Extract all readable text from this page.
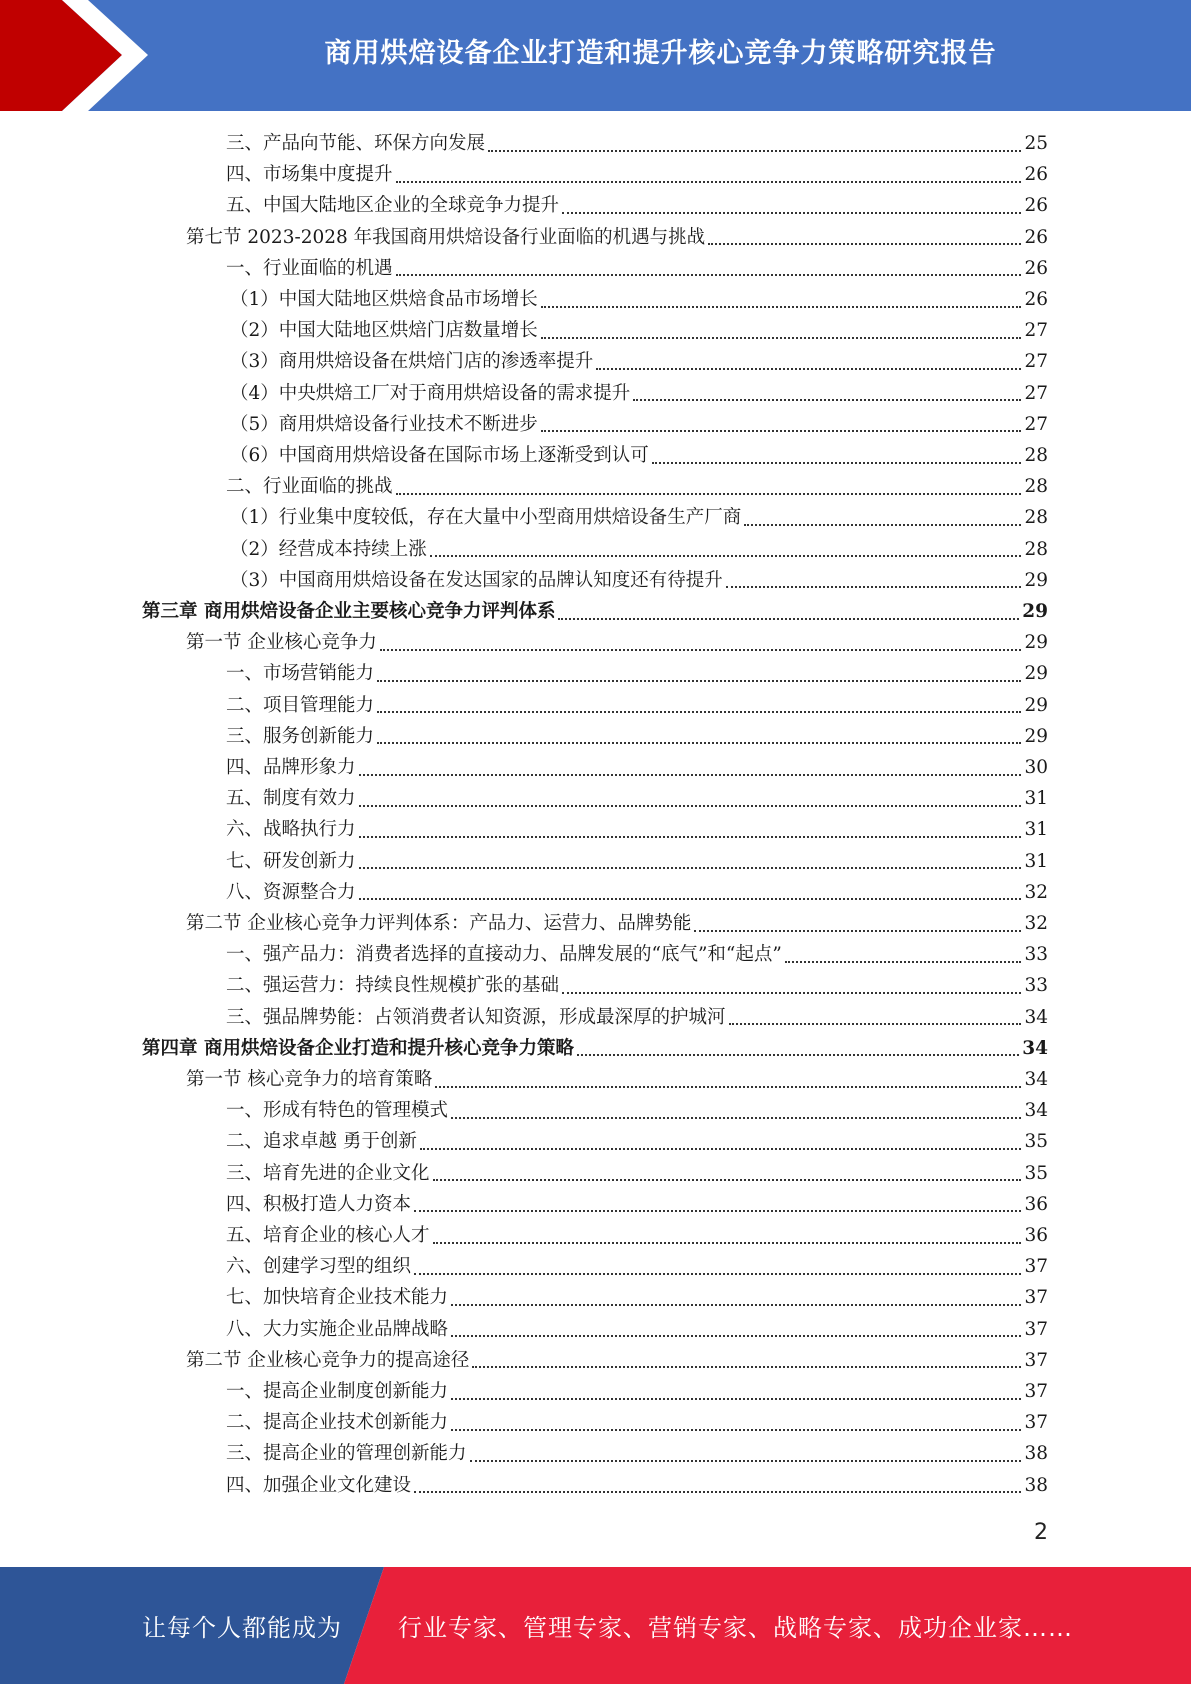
商用烘焙设备企业打造和提升核心竞争力策略研究报告
三、产品向节能、环保方向发展	25
四、市场集中度提升	26
五、中国大陆地区企业的全球竞争力提升	26
第七节 2023-2028 年我国商用烘焙设备行业面临的机遇与挑战	26
一、行业面临的机遇	26
（1）中国大陆地区烘焙食品市场增长	26
（2）中国大陆地区烘焙门店数量增长	27
（3）商用烘焙设备在烘焙门店的渗透率提升	27
（4）中央烘焙工厂对于商用烘焙设备的需求提升	27
（5）商用烘焙设备行业技术不断进步	27
（6）中国商用烘焙设备在国际市场上逐渐受到认可	28
二、行业面临的挑战	28
（1）行业集中度较低，存在大量中小型商用烘焙设备生产厂商	28
（2）经营成本持续上涨	28
（3）中国商用烘焙设备在发达国家的品牌认知度还有待提升	29
第三章 商用烘焙设备企业主要核心竞争力评判体系	29
第一节 企业核心竞争力	29
一、市场营销能力	29
二、项目管理能力	29
三、服务创新能力	29
四、品牌形象力	30
五、制度有效力	31
六、战略执行力	31
七、研发创新力	31
八、资源整合力	32
第二节 企业核心竞争力评判体系：产品力、运营力、品牌势能	32
一、强产品力：消费者选择的直接动力、品牌发展的“底气”和“起点”	33
二、强运营力：持续良性规模扩张的基础	33
三、强品牌势能：占领消费者认知资源，形成最深厚的护城河	34
第四章 商用烘焙设备企业打造和提升核心竞争力策略	34
第一节 核心竞争力的培育策略	34
一、形成有特色的管理模式	34
二、追求卓越 勇于创新	35
三、培育先进的企业文化	35
四、积极打造人力资本	36
五、培育企业的核心人才	36
六、创建学习型的组织	37
七、加快培育企业技术能力	37
八、大力实施企业品牌战略	37
第二节 企业核心竞争力的提高途径	37
一、提高企业制度创新能力	37
二、提高企业技术创新能力	37
三、提高企业的管理创新能力	38
四、加强企业文化建设	38
2
让每个人都能成为 行业专家、管理专家、营销专家、战略专家、成功企业家……
